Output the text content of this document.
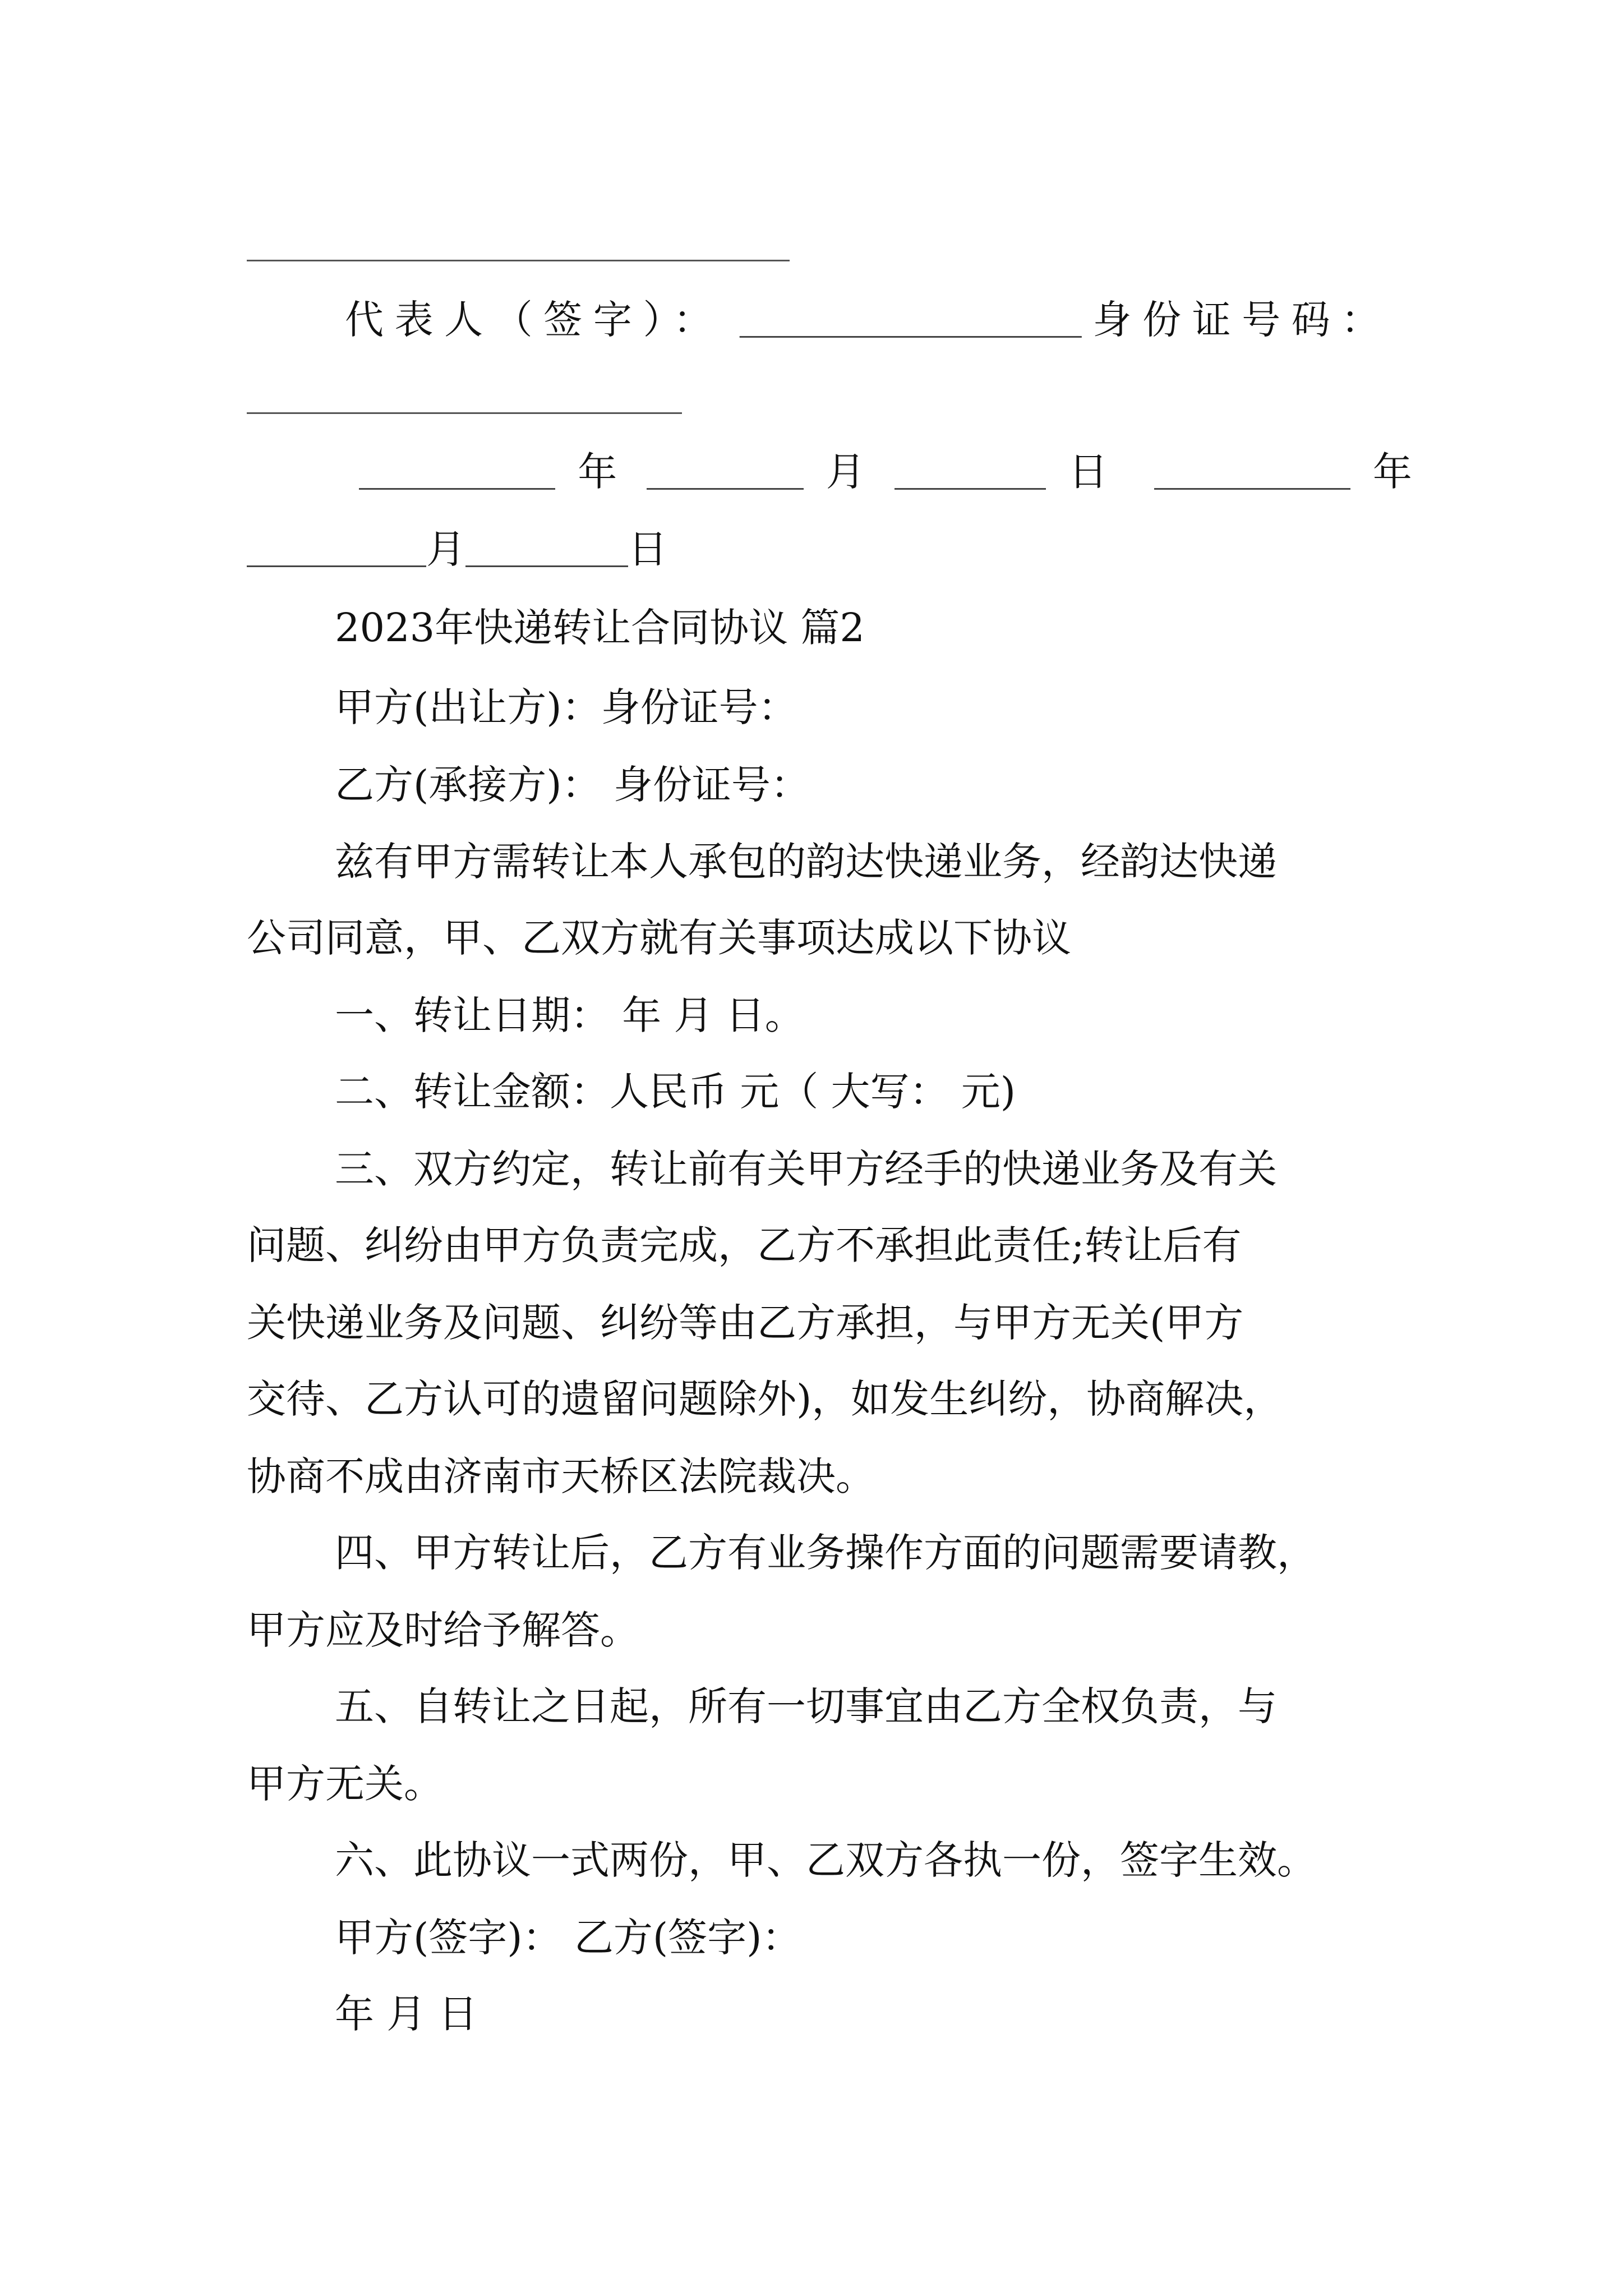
代表人（签字）：	身份证号码：
年	月	日	年
月	日
2023年快递转让合同协议 篇2
甲方(出让方)：身份证号：
乙方(承接方)： 身份证号：
兹有甲方需转让本人承包的韵达快递业务，经韵达快递
公司同意，甲、乙双方就有关事项达成以下协议
一、转让日期： 年 月 日。
二、转让金额：人民币 元（ 大写： 元)
三、双方约定，转让前有关甲方经手的快递业务及有关
问题、纠纷由甲方负责完成，乙方不承担此责任;转让后有
关快递业务及问题、纠纷等由乙方承担，与甲方无关(甲方
交待、乙方认可的遗留问题除外)，如发生纠纷，协商解决，
协商不成由济南市天桥区法院裁决。
四、甲方转让后，乙方有业务操作方面的问题需要请教，
甲方应及时给予解答。
五、自转让之日起，所有一切事宜由乙方全权负责，与
甲方无关。
六、此协议一式两份，甲、乙双方各执一份，签字生效。
甲方(签字)： 乙方(签字)：
年 月 日
